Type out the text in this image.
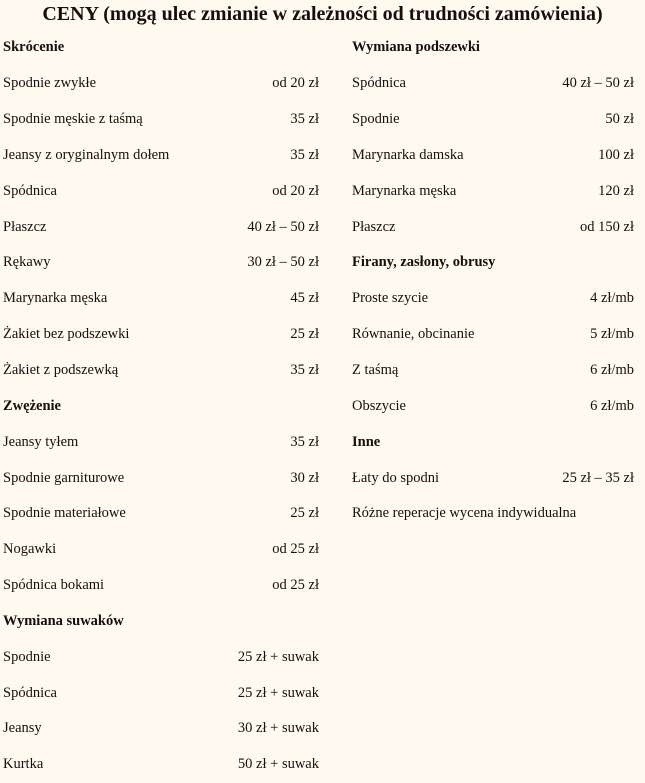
CENY (mogą ulec zmianie w zależności od trudności zamówienia)
Skrócenie
Spodnie zwykłe	od 20 zł
Spodnie męskie z taśmą	35 zł
Jeansy z oryginalnym dołem	35 zł
Spódnica	od 20 zł
Płaszcz	40 zł – 50 zł
Rękawy	30 zł – 50 zł
Marynarka męska	45 zł
Żakiet bez podszewki	25 zł
Żakiet z podszewką	35 zł
Zwężenie
Jeansy tyłem	35 zł
Spodnie garniturowe	30 zł
Spodnie materiałowe	25 zł
Nogawki	od 25 zł
Spódnica bokami	od 25 zł
Wymiana suwaków
Spodnie	25 zł + suwak
Spódnica	25 zł + suwak
Jeansy	30 zł + suwak
Kurtka	50 zł + suwak
Wymiana podszewki
Spódnica	40 zł – 50 zł
Spodnie	50 zł
Marynarka damska	100 zł
Marynarka męska	120 zł
Płaszcz	od 150 zł
Firany, zasłony, obrusy
Proste szycie	4 zł/mb
Równanie, obcinanie	5 zł/mb
Z taśmą	6 zł/mb
Obszycie	6 zł/mb
Inne
Łaty do spodni	25 zł – 35 zł
Różne reperacje wycena indywidualna
